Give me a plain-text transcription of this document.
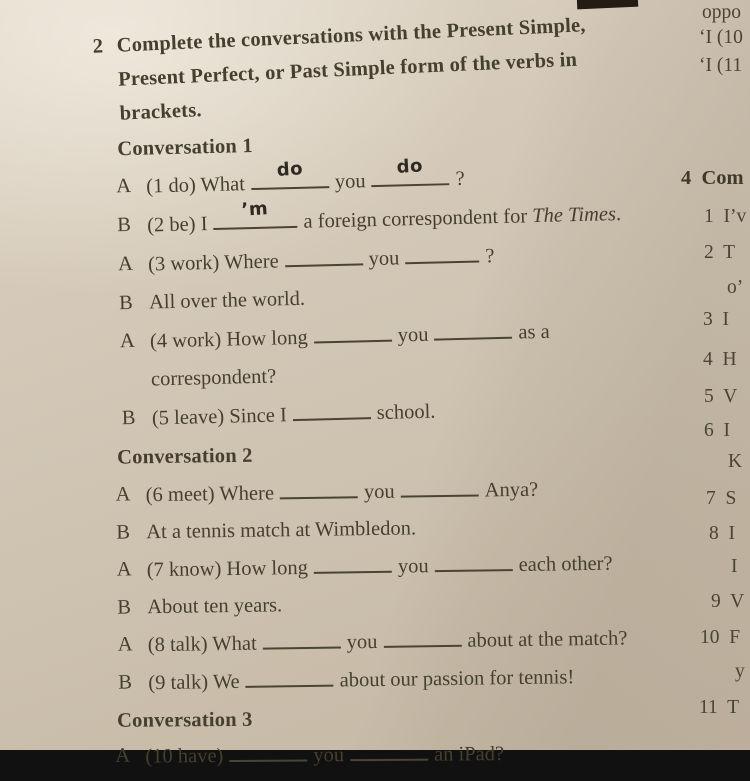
2 Complete the conversations with the Present Simple,
Present Perfect, or Past Simple form of the verbs in
brackets.
Conversation 1
A (1 do) What
do
you
do
?
B (2 be) I
’m a foreign correspondent for The Times.
A (3 work) Where	you	?
B All over the world.
A (4 work) How long	you	as a
correspondent?
B (5 leave) Since I	school.
Conversation 2
A (6 meet) Where	you	Anya?
B At a tennis match at Wimbledon.
A (7 know) How long	you	each other?
B About ten years.
A (8 talk) What	you	about at the match?
B (9 talk) We	about our passion for tennis!
Conversation 3
A (10 have)	you	an iPad?
oppo
‘I (10
‘I (11
4  Com
1  I’v
2  T
o’
3  I
4  H
5  V
6  I
K
7  S
8  I
I
9  V
10  F
y
11  T
